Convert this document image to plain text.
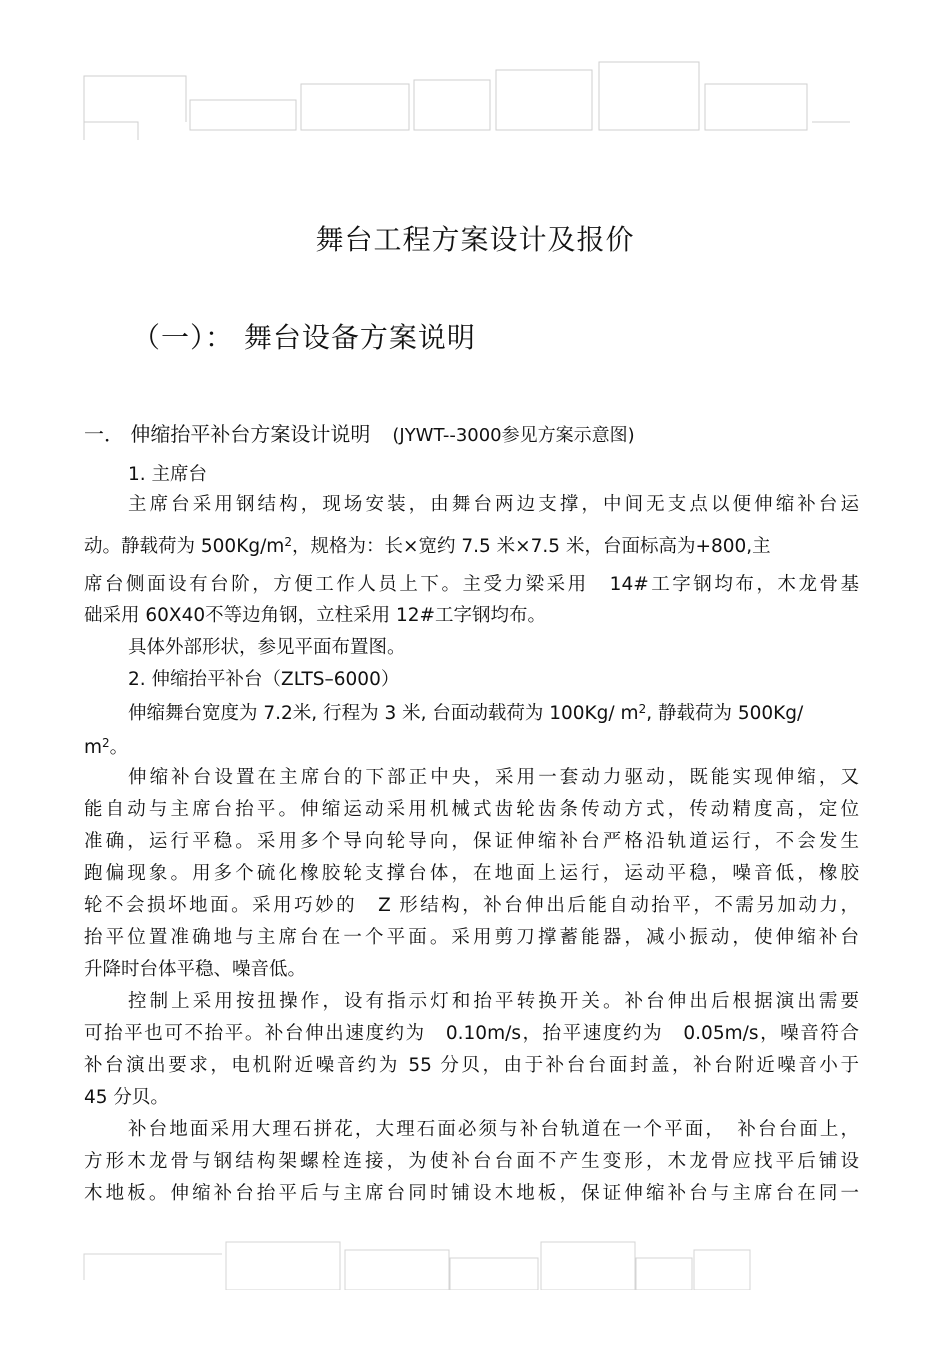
舞台工程方案设计及报价
（一）： 舞台设备方案说明
一． 伸缩抬平补台方案设计说明 (JYWT--3000参见方案示意图)
1. 主席台
主席台采用钢结构，现场安装，由舞台两边支撑，中间无支点以便伸缩补台运
动。静载荷为 $500Kg/m^2$，规格为：长×宽约 7.5 米×7.5 米，台面标高为+800,主
席台侧面设有台阶，方便工作人员上下。主受力梁采用　14#工字钢均布，木龙骨基
础采用 60X40不等边角钢，立柱采用 12#工字钢均布。
具体外部形状，参见平面布置图。
2. 伸缩抬平补台（ZLTS–6000）
伸缩舞台宽度为 7.2米, 行程为 3 米, 台面动载荷为 100Kg/ $m^2$, 静载荷为 500Kg/
$m^2$。
伸缩补台设置在主席台的下部正中央，采用一套动力驱动，既能实现伸缩，又
能自动与主席台抬平。伸缩运动采用机械式齿轮齿条传动方式，传动精度高，定位
准确，运行平稳。采用多个导向轮导向，保证伸缩补台严格沿轨道运行，不会发生
跑偏现象。用多个硫化橡胶轮支撑台体，在地面上运行，运动平稳，噪音低，橡胶
轮不会损坏地面。采用巧妙的　Z 形结构，补台伸出后能自动抬平，不需另加动力，
抬平位置准确地与主席台在一个平面。采用剪刀撑蓄能器，减小振动，使伸缩补台
升降时台体平稳、噪音低。
控制上采用按扭操作，设有指示灯和抬平转换开关。补台伸出后根据演出需要
可抬平也可不抬平。补台伸出速度约为　0.10m/s，抬平速度约为　0.05m/s，噪音符合
补台演出要求，电机附近噪音约为 55 分贝，由于补台台面封盖，补台附近噪音小于
45 分贝。
补台地面采用大理石拼花，大理石面必须与补台轨道在一个平面，　补台台面上，
方形木龙骨与钢结构架螺栓连接，为使补台台面不产生变形，木龙骨应找平后铺设
木地板。伸缩补台抬平后与主席台同时铺设木地板，保证伸缩补台与主席台在同一
